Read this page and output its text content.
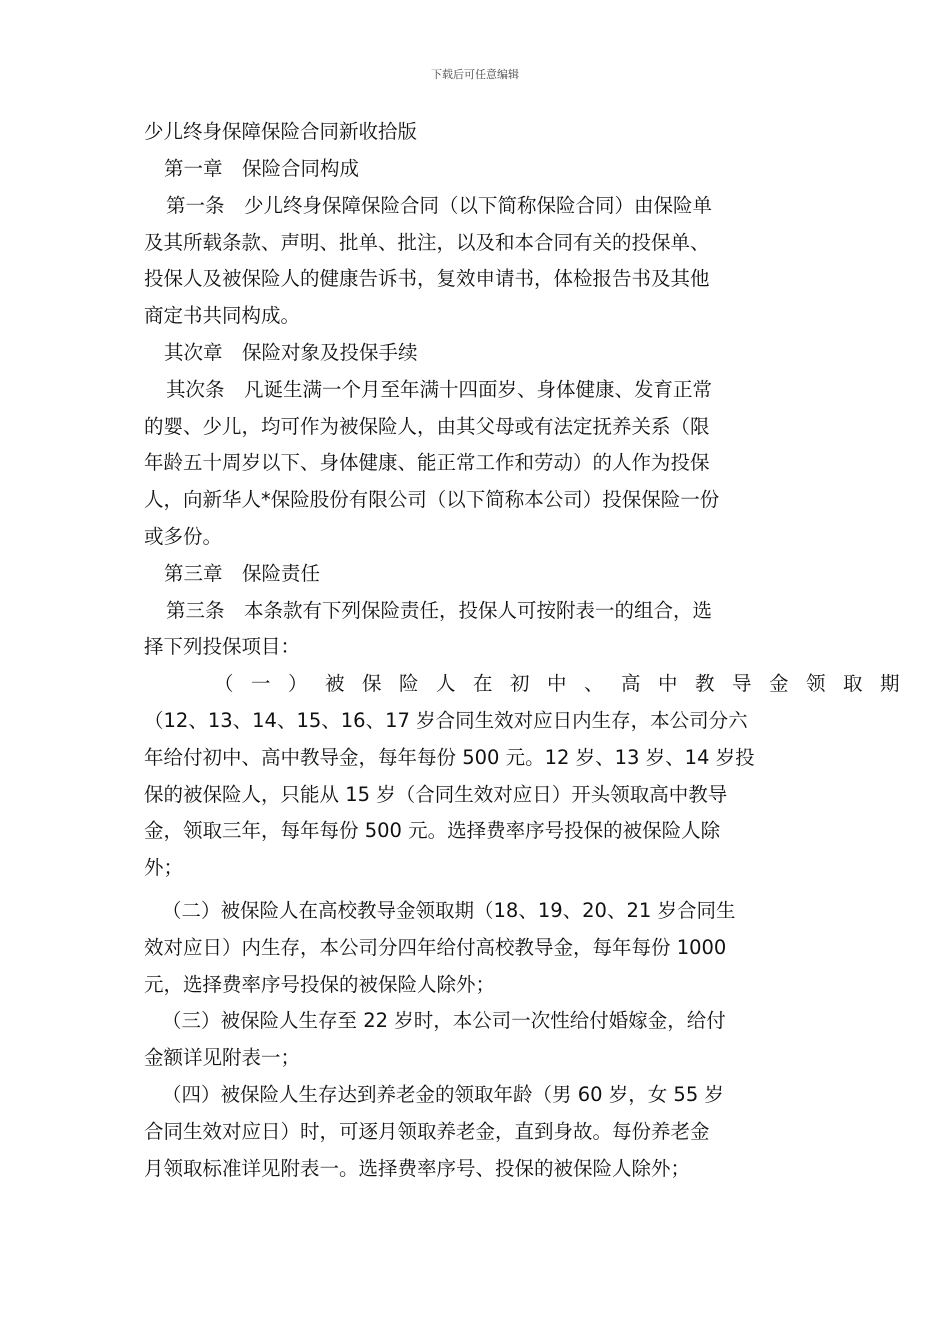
下载后可任意编辑
少儿终身保障保险合同新收拾版
第一章　保险合同构成
第一条　少儿终身保障保险合同（以下简称保险合同）由保险单
及其所载条款、声明、批单、批注，以及和本合同有关的投保单、
投保人及被保险人的健康告诉书，复效申请书，体检报告书及其他
商定书共同构成。
其次章　保险对象及投保手续
其次条　凡诞生满一个月至年满十四面岁、身体健康、发育正常
的婴、少儿，均可作为被保险人，由其父母或有法定抚养关系（限
年龄五十周岁以下、身体健康、能正常工作和劳动）的人作为投保
人，向新华人*保险股份有限公司（以下简称本公司）投保保险一份
或多份。
第三章　保险责任
第三条　本条款有下列保险责任，投保人可按附表一的组合，选
择下列投保项目：
（一）被保险人在初中、高中教导金领取期
（12、13、14、15、16、17 岁合同生效对应日内生存，本公司分六
年给付初中、高中教导金，每年每份 500 元。12 岁、13 岁、14 岁投
保的被保险人，只能从 15 岁（合同生效对应日）开头领取高中教导
金，领取三年，每年每份 500 元。选择费率序号投保的被保险人除
外；
（二）被保险人在高校教导金领取期（18、19、20、21 岁合同生
效对应日）内生存，本公司分四年给付高校教导金，每年每份 1000
元，选择费率序号投保的被保险人除外；
（三）被保险人生存至 22 岁时，本公司一次性给付婚嫁金，给付
金额详见附表一；
（四）被保险人生存达到养老金的领取年龄（男 60 岁，女 55 岁
合同生效对应日）时，可逐月领取养老金，直到身故。每份养老金
月领取标准详见附表一。选择费率序号、投保的被保险人除外；
